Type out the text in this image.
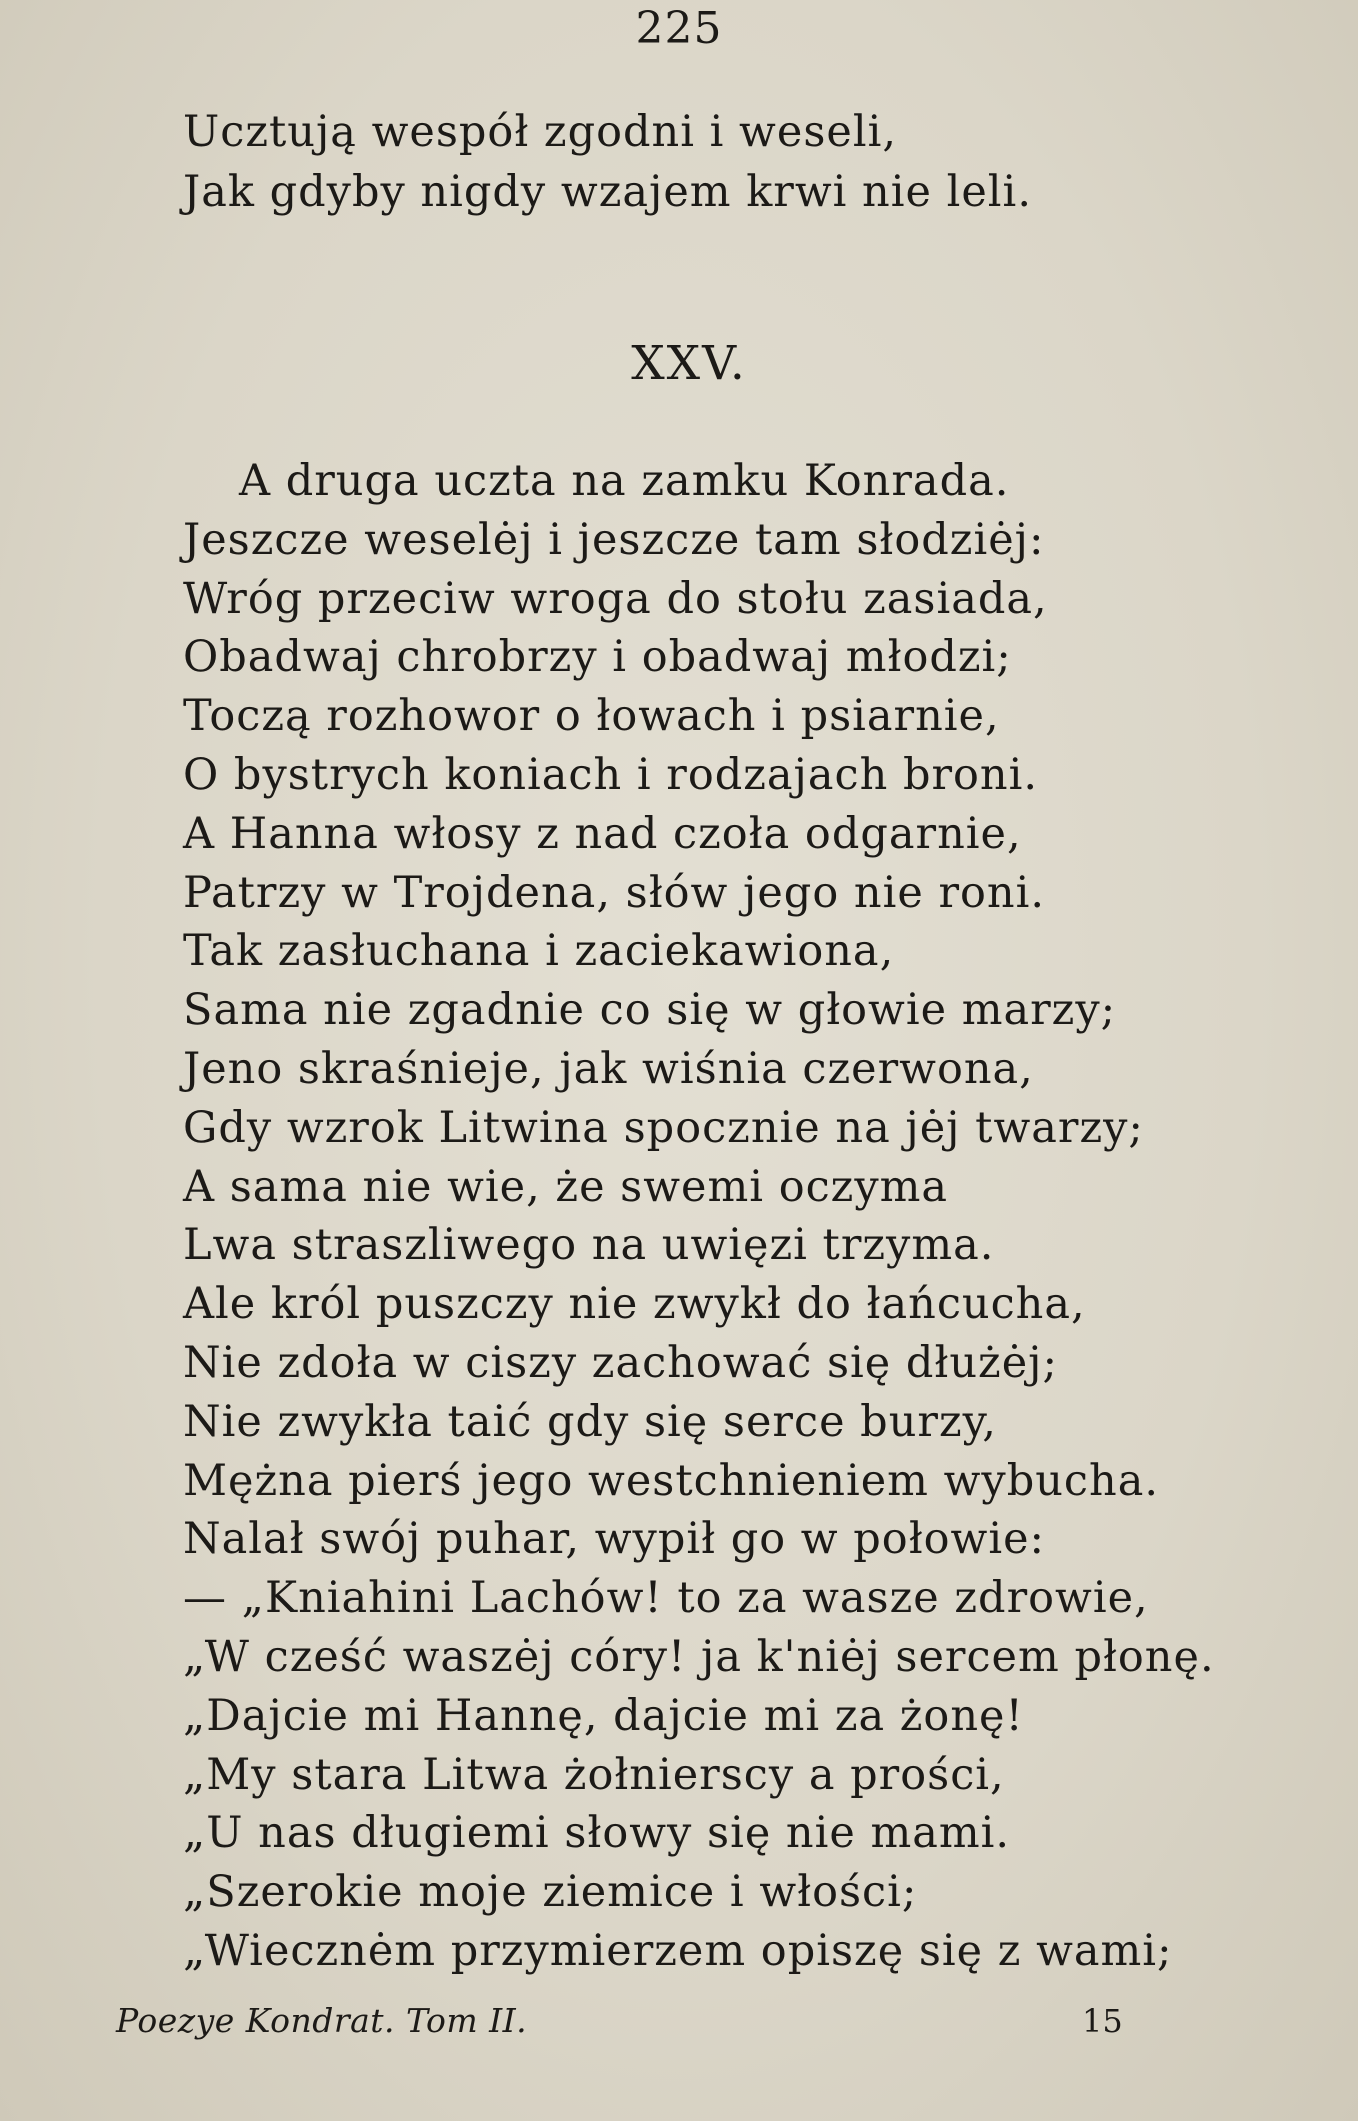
225
Ucztują wespół zgodni i weseli,
Jak gdyby nigdy wzajem krwi nie leli.
XXV.
A druga uczta na zamku Konrada.
Jeszcze weselėj i jeszcze tam słodziėj:
Wróg przeciw wroga do stołu zasiada,
Obadwaj chrobrzy i obadwaj młodzi;
Toczą rozhowor o łowach i psiarnie,
O bystrych koniach i rodzajach broni.
A Hanna włosy z nad czoła odgarnie,
Patrzy w Trojdena, słów jego nie roni.
Tak zasłuchana i zaciekawiona,
Sama nie zgadnie co się w głowie marzy;
Jeno skraśnieje, jak wiśnia czerwona,
Gdy wzrok Litwina spocznie na jėj twarzy;
A sama nie wie, że swemi oczyma
Lwa straszliwego na uwięzi trzyma.
Ale król puszczy nie zwykł do łańcucha,
Nie zdoła w ciszy zachować się dłużėj;
Nie zwykła taić gdy się serce burzy,
Mężna pierś jego westchnieniem wybucha.
Nalał swój puhar, wypił go w połowie:
— „Kniahini Lachów! to za wasze zdrowie,
„W cześć waszėj córy! ja k'niėj sercem płonę.
„Dajcie mi Hannę, dajcie mi za żonę!
„My stara Litwa żołnierscy a prości,
„U nas długiemi słowy się nie mami.
„Szerokie moje ziemice i włości;
„Wiecznėm przymierzem opiszę się z wami;
Poezye Kondrat. Tom II.	15
